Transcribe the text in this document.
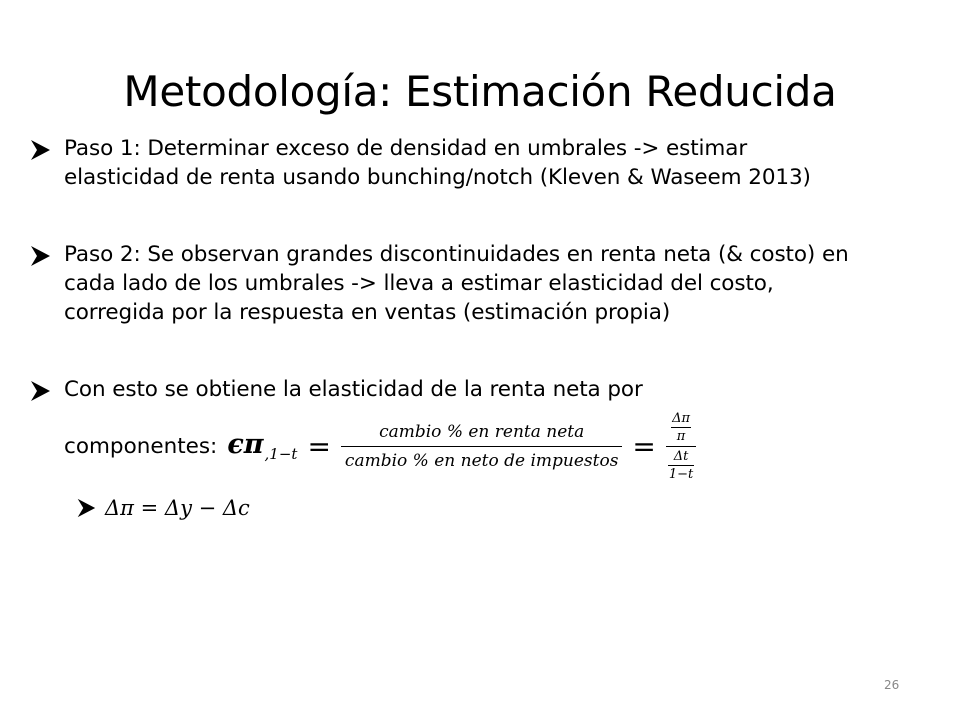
Metodología: Estimación Reducida
Paso 1: Determinar exceso de densidad en umbrales -> estimar elasticidad de renta usando bunching/notch (Kleven & Waseem 2013)
Paso 2: Se observan grandes discontinuidades en renta neta (& costo) en cada lado de los umbrales -> lleva a estimar elasticidad del costo, corregida por la respuesta en ventas (estimación propia)
Con esto se obtiene la elasticidad de la renta neta por
componentes: $\epsilon\pi,1-t = \frac{\text{cambio \% en renta neta}}{\text{cambio \% en neto de impuestos}} = \frac{\frac{\Delta\pi}{\pi}}{\frac{\Delta t}{1-t}}$
Δπ = Δy − Δc
26
